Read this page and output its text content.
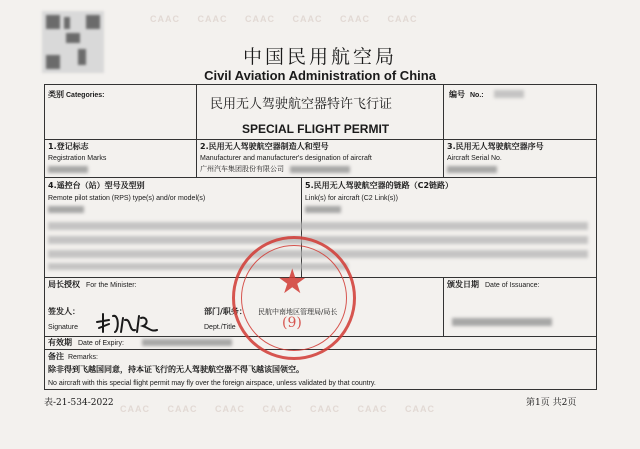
CAAC     CAAC     CAAC     CAAC     CAAC     CAAC
CAAC     CAAC     CAAC     CAAC     CAAC     CAAC     CAAC
中国民用航空局
Civil Aviation Administration of China
类别 Categories:
民用无人驾驶航空器特许飞行证
SPECIAL FLIGHT PERMIT
编号 No.:
1.登记标志
Registration Marks
2.民用无人驾驶航空器制造人和型号
Manufacturer and manufacturer's designation of aircraft
广州汽车集团股份有限公司
3.民用无人驾驶航空器序号
Aircraft Serial No.
4.遥控台（站）型号及型别
Remote pilot station (RPS) type(s) and/or model(s)
5.民用无人驾驶航空器的链路（C2链路）
Link(s) for aircraft (C2 Link(s))
局长授权 For the Minister:
签发人：
Signature
部门/职务：
Dept./Title
民航中南地区管理局/局长
颁发日期 Date of Issuance:
有效期 Date of Expiry:
备注 Remarks:
除非得到飞越国同意，持本证飞行的无人驾驶航空器不得飞越该国领空。
No aircraft with this special flight permit may fly over the foreign airspace, unless validated by that country.
★
(9)
表-21-534-2022	第1页 共2页
